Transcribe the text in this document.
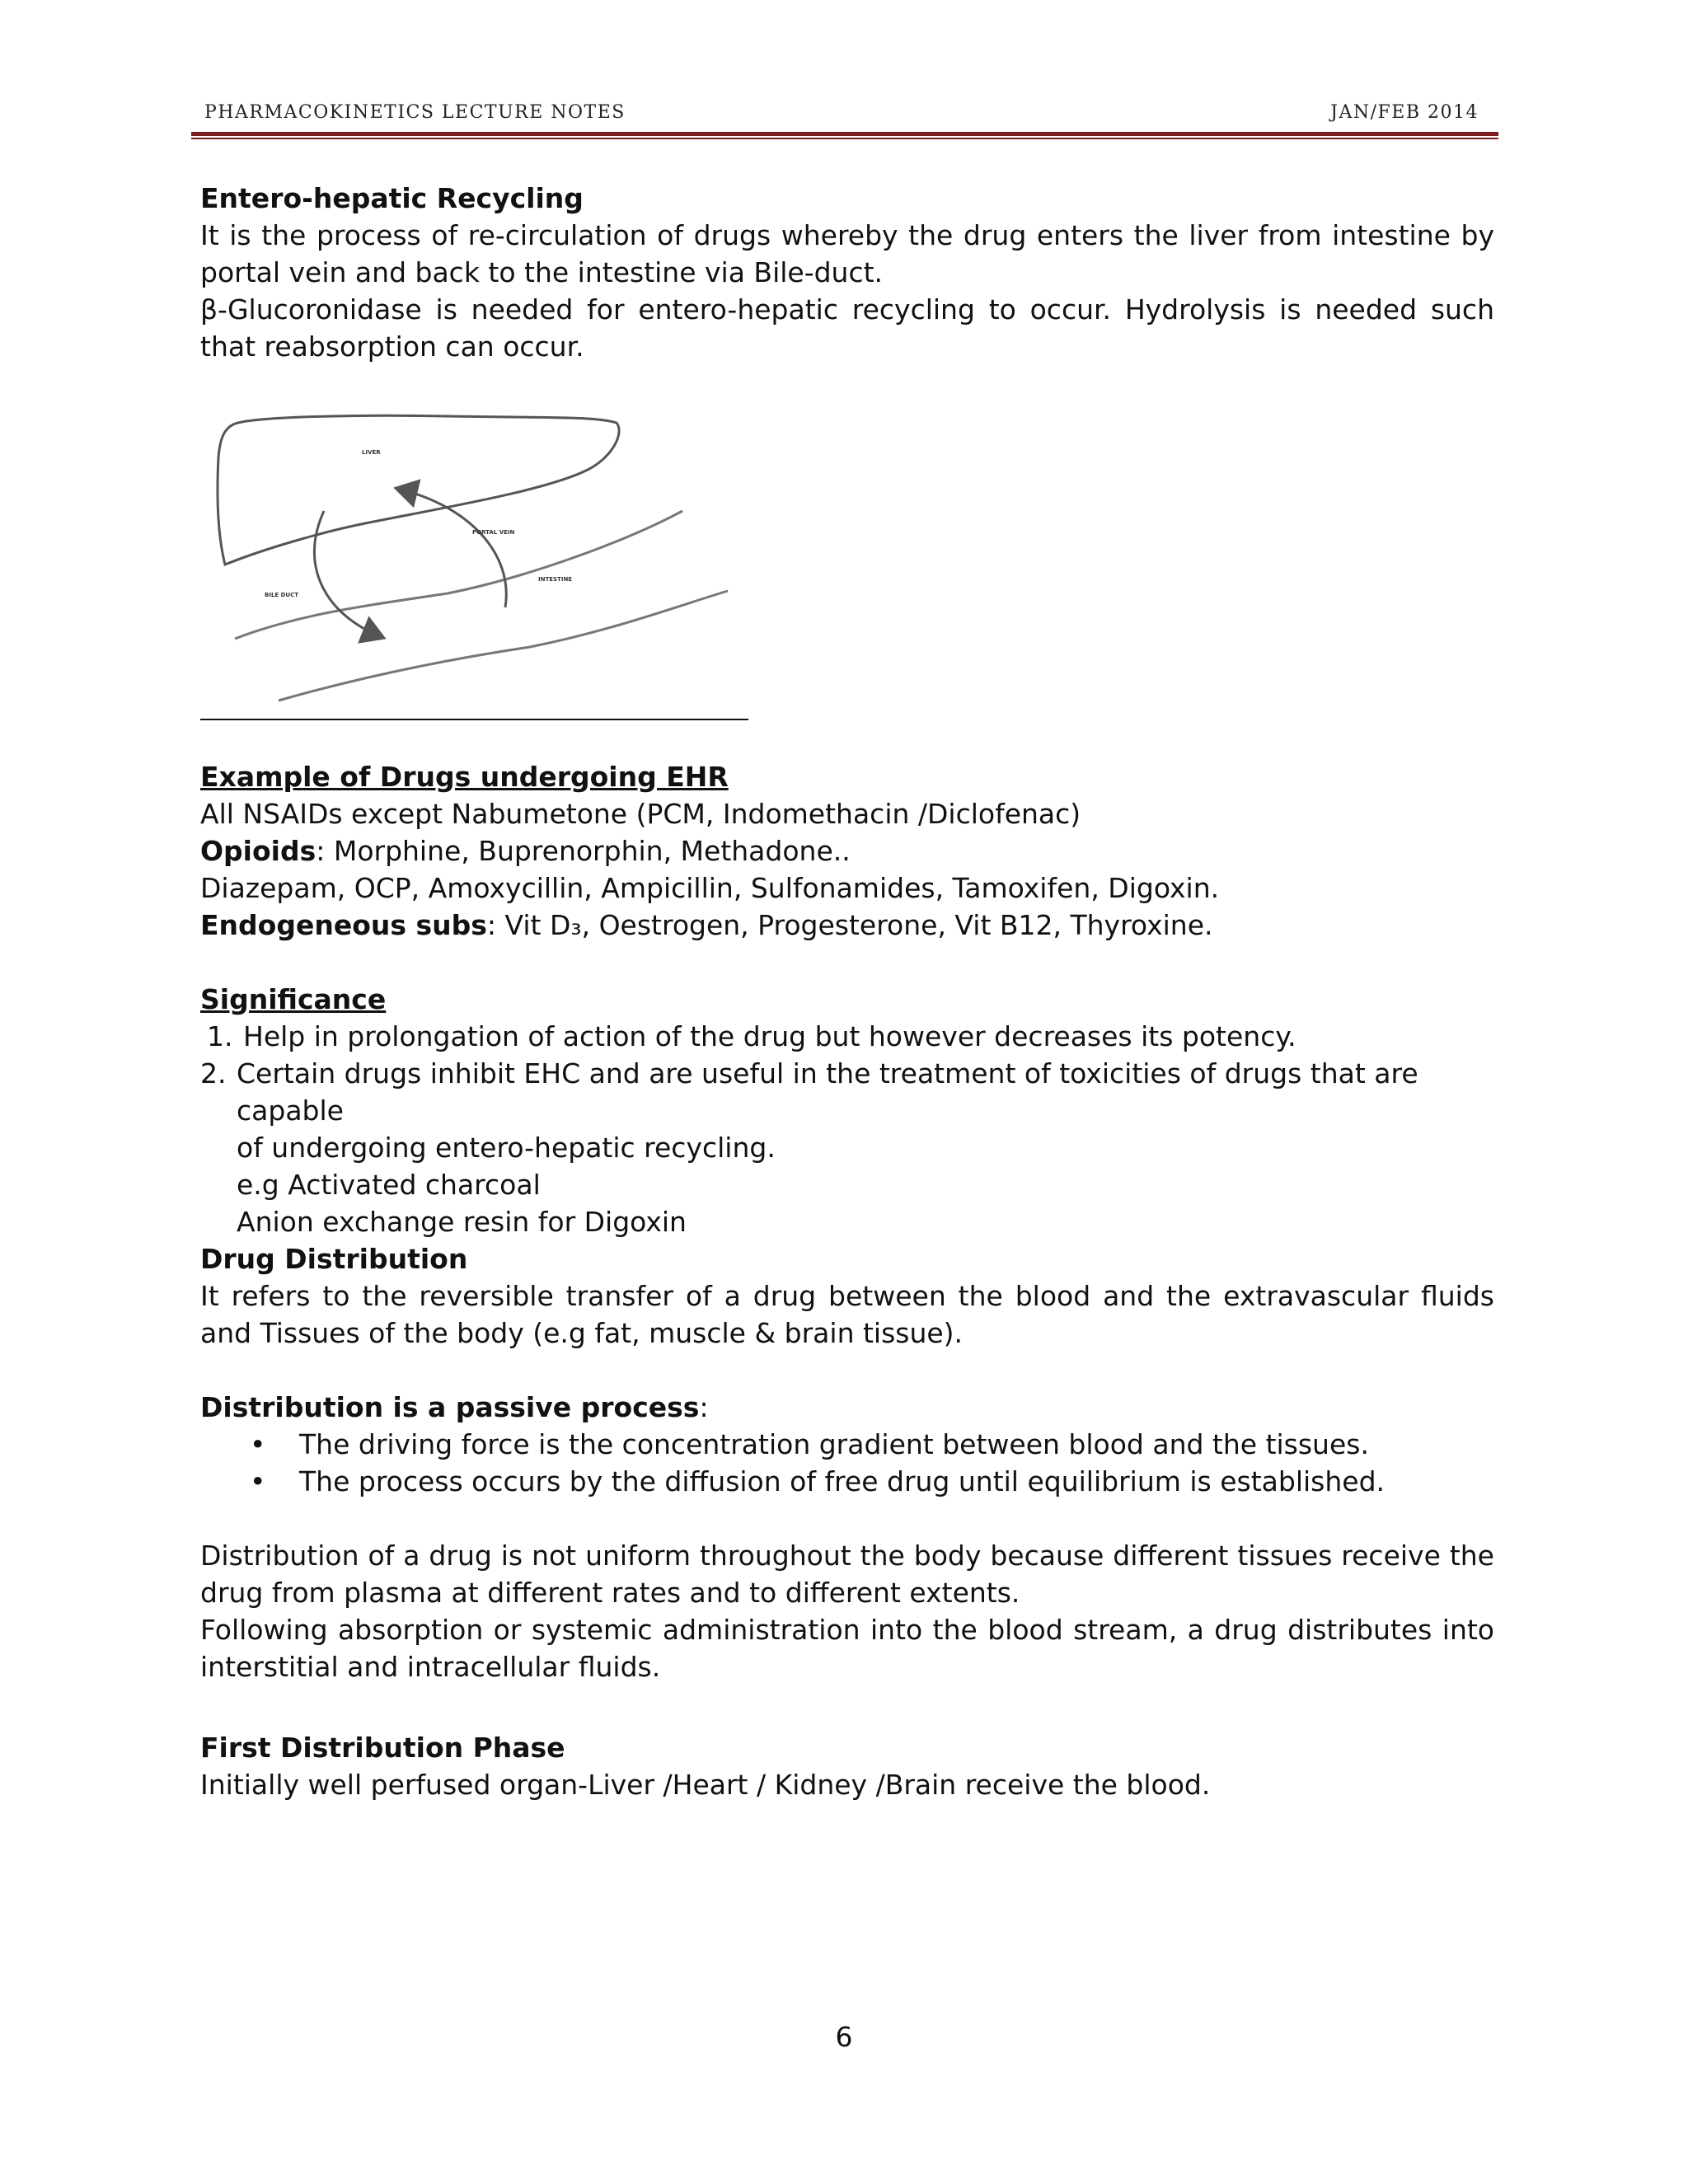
PHARMACOKINETICS LECTURE NOTES	JAN/FEB 2014

Entero-hepatic Recycling

It is the process of re-circulation of drugs whereby the drug enters the liver from intestine by portal vein and back to the intestine via Bile-duct.

β-Glucoronidase is needed for entero-hepatic recycling to occur. Hydrolysis is needed such that reabsorption can occur.

LIVER
PORTAL VEIN
INTESTINE
BILE DUCT

Example of Drugs undergoing EHR

All NSAIDs except Nabumetone (PCM, Indomethacin /Diclofenac)

Opioids: Morphine, Buprenorphin, Methadone..

Diazepam, OCP, Amoxycillin, Ampicillin, Sulfonamides, Tamoxifen, Digoxin.

Endogeneous subs: Vit D₃, Oestrogen, Progesterone, Vit B12, Thyroxine.

Significance

1. Help in prolongation of action of the drug but however decreases its potency.

2. Certain drugs inhibit EHC and are useful in the treatment of toxicities of drugs that are capable

of undergoing entero-hepatic recycling.

e.g Activated charcoal

Anion exchange resin for Digoxin

Drug Distribution

It refers to the reversible transfer of a drug between the blood and the extravascular fluids and Tissues of the body (e.g fat, muscle & brain tissue).

Distribution is a passive process:

• The driving force is the concentration gradient between blood and the tissues.
• The process occurs by the diffusion of free drug until equilibrium is established.

Distribution of a drug is not uniform throughout the body because different tissues receive the drug from plasma at different rates and to different extents.

Following absorption or systemic administration into the blood stream, a drug distributes into interstitial and intracellular fluids.

First Distribution Phase

Initially well perfused organ-Liver /Heart / Kidney /Brain receive the blood.

6
